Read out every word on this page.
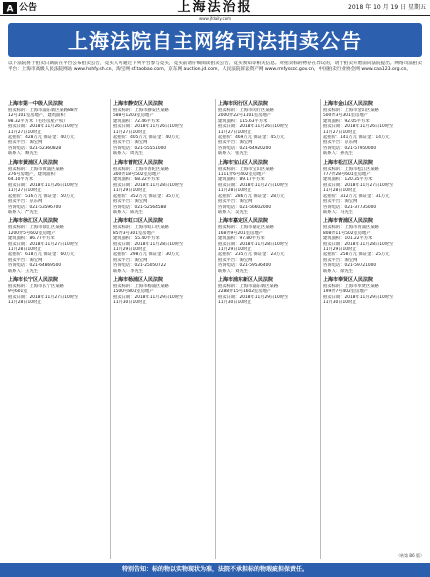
A 公告	上海法治报	2018 年 10 月 19 日 星期五
www.jfdaily.com
上海法院自主网络司法拍卖公告
以下法院将于拍卖日期前在平台公布拍卖公告，竞买人可通过下列平台参与竞买，竞买前请仔细阅读拍卖公告、竞买须知等相关信息。对拍卖标的物存在异议的，请于拍卖开始前向法院提出。网络司法拍卖平台：上海市高级人民法院网站 www.hshfy.sh.cn，淘宝网 sf.taobao.com，京东网 auction.jd.com，人民法院诉讼资产网 www.rmfysszc.gov.cn，中国拍卖行业协会网 www.caa123.org.cn。
上海市第一中级人民法院
拍卖标的：上海市浦东新区某路88弄
12号101室房地产，建筑面积：
98.32平方米（毛坯房屋产权）
拍卖日期：2018年11月26日10时至
11月27日10时止
起拍价：428万元 保证金：40万元
拍卖平台：淘宝网
咨询电话：021-52360828
联系人：顾先生
上海市黄浦区人民法院
拍卖标的：上海市黄浦区某路
276号房地产，建筑面积：
64.10平方米
拍卖日期：2018年11月26日10时至
11月27日10时止
起拍价：516万元 保证金：50万元
拍卖平台：京东网
咨询电话：021-53596700
联系人：严先生
上海市徐汇区人民法院
拍卖标的：上海市徐汇区某路
1200弄5号602室房地产
建筑面积：86.77平方米
拍卖日期：2018年11月27日10时至
11月28日10时止
起拍价：618万元 保证金：60万元
拍卖平台：淘宝网
咨询电话：021-64869500
联系人：王先生
上海市长宁区人民法院
拍卖标的：上海市长宁区某路
9号601室
拍卖日期：2018年11月27日10时至
11月28日10时止
上海市静安区人民法院
拍卖标的：上海市静安区某路
588号1203室房地产
建筑面积：72.46平方米
拍卖日期：2018年11月26日10时至
11月27日10时止
起拍价：405万元 保证金：40万元
拍卖平台：淘宝网
咨询电话：021-55551000
联系人：周先生
上海市普陀区人民法院
拍卖标的：上海市普陀区某路
300弄18号502室房地产
建筑面积：68.22平方米
拍卖日期：2018年11月28日10时至
11月29日10时止
起拍价：352万元 保证金：35万元
拍卖平台：淘宝网
咨询电话：021-52564588
联系人：陈先生
上海市虹口区人民法院
拍卖标的：上海市虹口区某路
85弄3号301室房地产
建筑面积：55.40平方米
拍卖日期：2018年11月28日10时至
11月29日10时止
起拍价：298万元 保证金：30万元
拍卖平台：淘宝网
咨询电话：021-25050722
联系人：李先生
上海市杨浦区人民法院
拍卖标的：上海市杨浦区某路
1500号801室房地产
拍卖日期：2018年11月29日10时至
11月30日10时止
上海市闵行区人民法院
拍卖标的：上海市闵行区某路
2000弄22号1101室房地产
建筑面积：115.63平方米
拍卖日期：2018年11月26日10时至
11月27日10时止
起拍价：469万元 保证金：45万元
拍卖平台：淘宝网
咨询电话：021-64920200
联系人：张先生
上海市宝山区人民法院
拍卖标的：上海市宝山区某路
1111弄6号402室房地产
建筑面积：89.17平方米
拍卖日期：2018年11月27日10时至
11月28日10时止
起拍价：286万元 保证金：28万元
拍卖平台：淘宝网
咨询电话：021-56602000
联系人：吴先生
上海市嘉定区人民法院
拍卖标的：上海市嘉定区某路
168弄9号201室房地产
建筑面积：97.80平方米
拍卖日期：2018年11月28日10时至
11月29日10时止
起拍价：235万元 保证金：23万元
拍卖平台：淘宝网
咨询电话：021-59536400
联系人：刘先生
上海市浦东新区人民法院
拍卖标的：上海市浦东新区某路
2288弄15号1602室房地产
拍卖日期：2018年11月29日10时至
11月30日10时止
上海市金山区人民法院
拍卖标的：上海市金山区某路
500弄3号301室房地产
建筑面积：92.05平方米
拍卖日期：2018年11月26日10时至
11月27日10时止
起拍价：141万元 保证金：14万元
拍卖平台：京东网
咨询电话：021-57950000
联系人：孙先生
上海市松江区人民法院
拍卖标的：上海市松江区某路
777弄28号601室房地产
建筑面积：120.35平方米
拍卖日期：2018年11月27日10时至
11月28日10时止
起拍价：312万元 保证金：31万元
拍卖平台：淘宝网
咨询电话：021-37735000
联系人：马先生
上海市青浦区人民法院
拍卖标的：上海市青浦区某路
808弄11号502室房地产
建筑面积：101.22平方米
拍卖日期：2018年11月28日10时至
11月29日10时止
起拍价：258万元 保证金：25万元
拍卖平台：淘宝网
咨询电话：021-59721000
联系人：徐先生
上海市奉贤区人民法院
拍卖标的：上海市奉贤区某路
199弄7号402室房地产
拍卖日期：2018年11月29日10时至
11月30日10时止
（转第 B6 版）
特别告知：标的物以实物现状为准，法院不承担标的物瑕疵担保责任。
